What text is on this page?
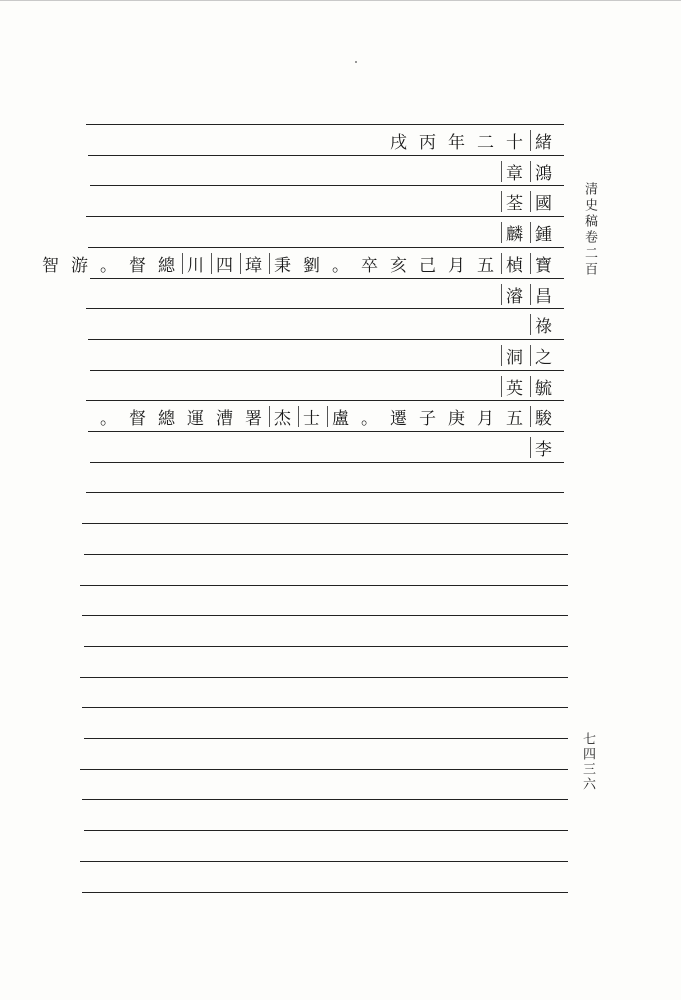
緒
十
二
年
丙
戌
鴻
章
國
荃
鍾
麟
寶
楨
五
月
己
亥
卒
。
劉
秉
璋
四
川
總
督
。
游
智
昌
濬
祿
之
洞
毓
英
駿
五
月
庚
子
遷
。
盧
士
杰
署
漕
運
總
督
。
李
清史稿卷二百
七四三六
